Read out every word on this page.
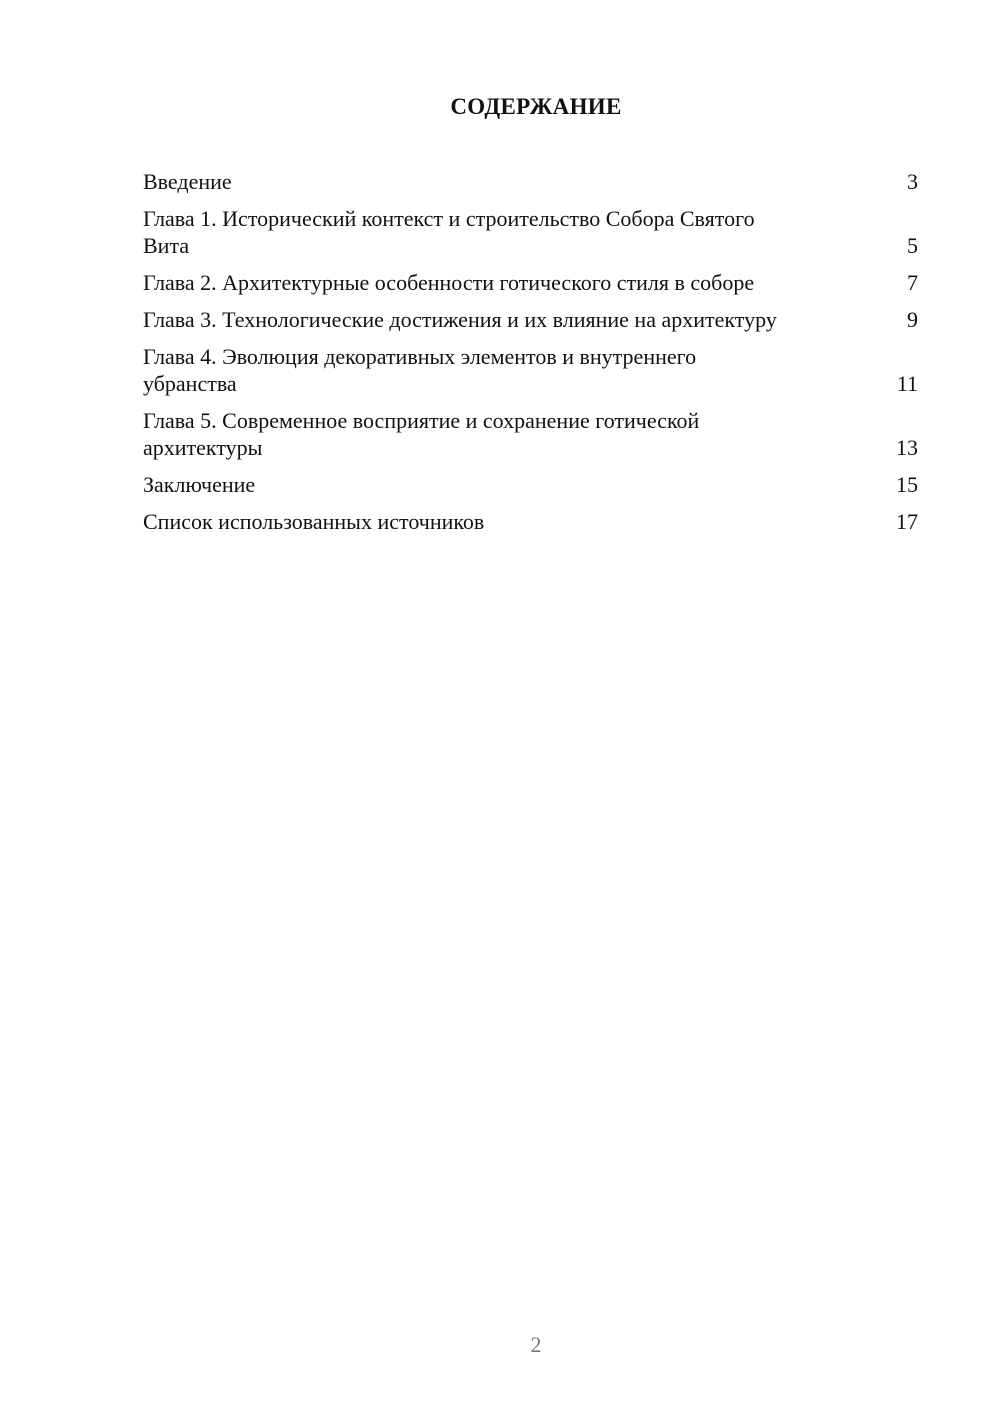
СОДЕРЖАНИЕ
Введение	3
Глава 1. Исторический контекст и строительство Собора Святого Вита	5
Глава 2. Архитектурные особенности готического стиля в соборе	7
Глава 3. Технологические достижения и их влияние на архитектуру	9
Глава 4. Эволюция декоративных элементов и внутреннего убранства	11
Глава 5. Современное восприятие и сохранение готической архитектуры	13
Заключение	15
Список использованных источников	17
2
